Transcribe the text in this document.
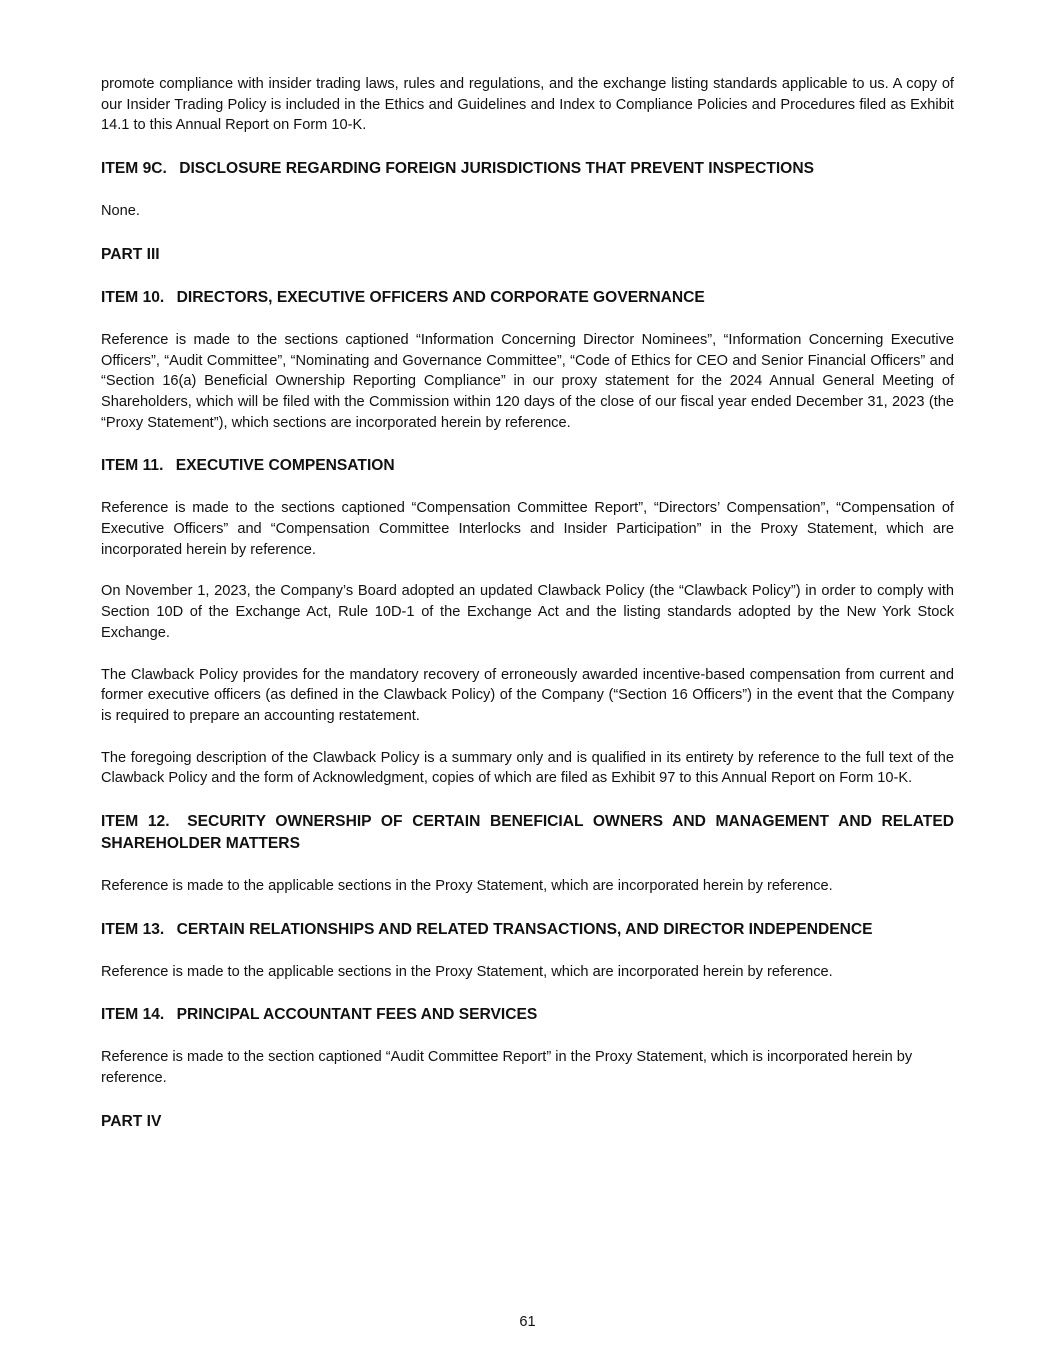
promote compliance with insider trading laws, rules and regulations, and the exchange listing standards applicable to us. A copy of our Insider Trading Policy is included in the Ethics and Guidelines and Index to Compliance Policies and Procedures filed as Exhibit 14.1 to this Annual Report on Form 10-K.

ITEM 9C. DISCLOSURE REGARDING FOREIGN JURISDICTIONS THAT PREVENT INSPECTIONS

None.

PART III

ITEM 10. DIRECTORS, EXECUTIVE OFFICERS AND CORPORATE GOVERNANCE

Reference is made to the sections captioned “Information Concerning Director Nominees”, “Information Concerning Executive Officers”, “Audit Committee”, “Nominating and Governance Committee”, “Code of Ethics for CEO and Senior Financial Officers” and “Section 16(a) Beneficial Ownership Reporting Compliance” in our proxy statement for the 2024 Annual General Meeting of Shareholders, which will be filed with the Commission within 120 days of the close of our fiscal year ended December 31, 2023 (the “Proxy Statement”), which sections are incorporated herein by reference.

ITEM 11. EXECUTIVE COMPENSATION

Reference is made to the sections captioned “Compensation Committee Report”, “Directors’ Compensation”, “Compensation of Executive Officers” and “Compensation Committee Interlocks and Insider Participation” in the Proxy Statement, which are incorporated herein by reference.

On November 1, 2023, the Company’s Board adopted an updated Clawback Policy (the “Clawback Policy”) in order to comply with Section 10D of the Exchange Act, Rule 10D-1 of the Exchange Act and the listing standards adopted by the New York Stock Exchange.

The Clawback Policy provides for the mandatory recovery of erroneously awarded incentive-based compensation from current and former executive officers (as defined in the Clawback Policy) of the Company (“Section 16 Officers”) in the event that the Company is required to prepare an accounting restatement.

The foregoing description of the Clawback Policy is a summary only and is qualified in its entirety by reference to the full text of the Clawback Policy and the form of Acknowledgment, copies of which are filed as Exhibit 97 to this Annual Report on Form 10-K.

ITEM 12. SECURITY OWNERSHIP OF CERTAIN BENEFICIAL OWNERS AND MANAGEMENT AND RELATED SHAREHOLDER MATTERS

Reference is made to the applicable sections in the Proxy Statement, which are incorporated herein by reference.

ITEM 13. CERTAIN RELATIONSHIPS AND RELATED TRANSACTIONS, AND DIRECTOR INDEPENDENCE

Reference is made to the applicable sections in the Proxy Statement, which are incorporated herein by reference.

ITEM 14. PRINCIPAL ACCOUNTANT FEES AND SERVICES

Reference is made to the section captioned “Audit Committee Report” in the Proxy Statement, which is incorporated herein by reference.

PART IV

61
